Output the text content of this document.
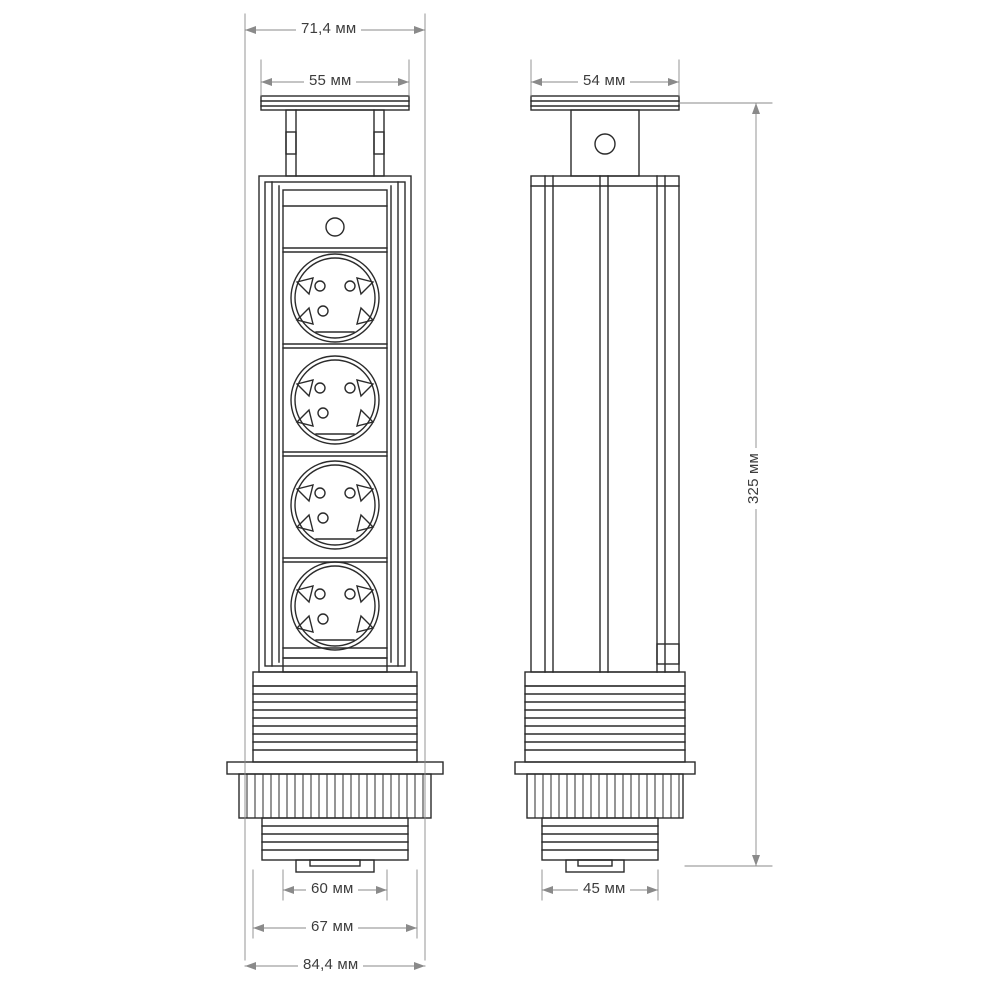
71,4 мм
55 мм
60 мм
67 мм
84,4 мм
54 мм
45 мм
325 мм
